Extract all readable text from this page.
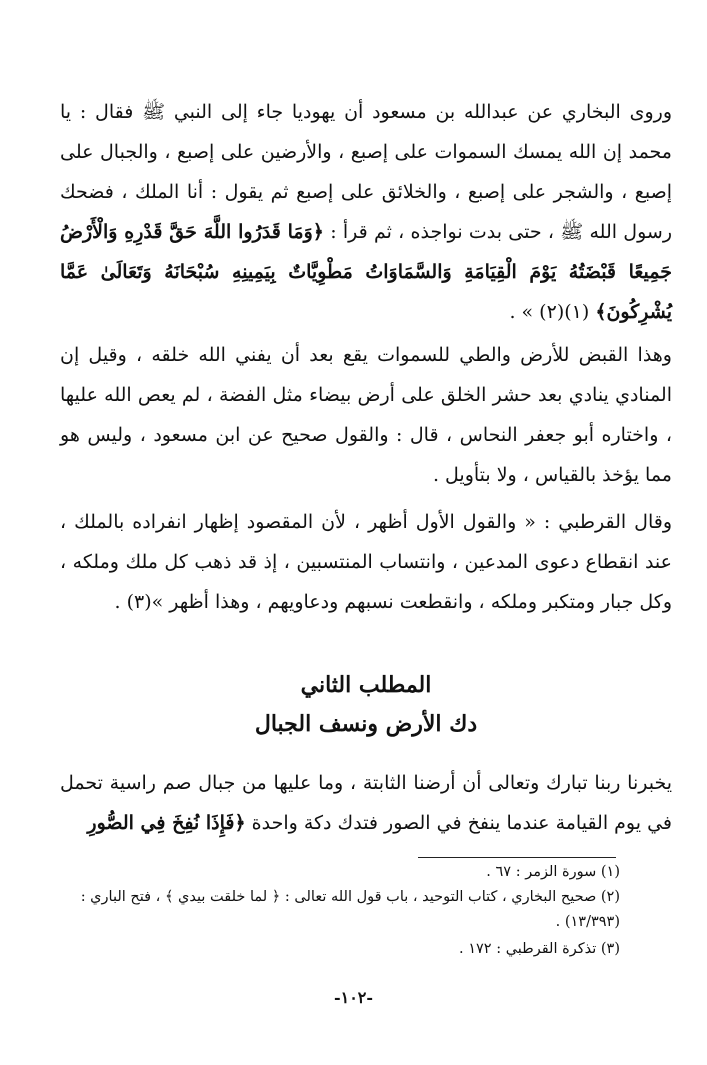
وروى البخاري عن عبدالله بن مسعود أن يهوديا جاء إلى النبي ﷺ فقال : يا محمد إن الله يمسك السموات على إصبع ، والأرضين على إصبع ، والجبال على إصبع ، والشجر على إصبع ، والخلائق على إصبع ثم يقول : أنا الملك ، فضحك رسول الله ﷺ ، حتى بدت نواجذه ، ثم قرأ : ﴿وَمَا قَدَرُوا اللَّهَ حَقَّ قَدْرِهِ وَالْأَرْضُ جَمِيعًا قَبْضَتُهُ يَوْمَ الْقِيَامَةِ وَالسَّمَاوَاتُ مَطْوِيَّاتٌ بِيَمِينِهِ سُبْحَانَهُ وَتَعَالَىٰ عَمَّا يُشْرِكُونَ﴾ (١)(٢) » .

وهذا القبض للأرض والطي للسموات يقع بعد أن يفني الله خلقه ، وقيل إن المنادي ينادي بعد حشر الخلق على أرض بيضاء مثل الفضة ، لم يعص الله عليها ، واختاره أبو جعفر النحاس ، قال : والقول صحيح عن ابن مسعود ، وليس هو مما يؤخذ بالقياس ، ولا بتأويل .

وقال القرطبي : « والقول الأول أظهر ، لأن المقصود إظهار انفراده بالملك ، عند انقطاع دعوى المدعين ، وانتساب المنتسبين ، إذ قد ذهب كل ملك وملكه ، وكل جبار ومتكبر وملكه ، وانقطعت نسبهم ودعاويهم ، وهذا أظهر »(٣) .

المطلب الثاني
دك الأرض ونسف الجبال

يخبرنا ربنا تبارك وتعالى أن أرضنا الثابتة ، وما عليها من جبال صم راسية تحمل في يوم القيامة عندما ينفخ في الصور فتدك دكة واحدة ﴿فَإِذَا نُفِخَ فِي الصُّورِ

(١) سورة الزمر : ٦٧ .

(٢) صحيح البخاري ، كتاب التوحيد ، باب قول الله تعالى : ﴿ لما خلقت بيدي ﴾ ، فتح الباري : (١٣/٣٩٣) .

(٣) تذكرة القرطبي : ١٧٢ .

-١٠٢-
